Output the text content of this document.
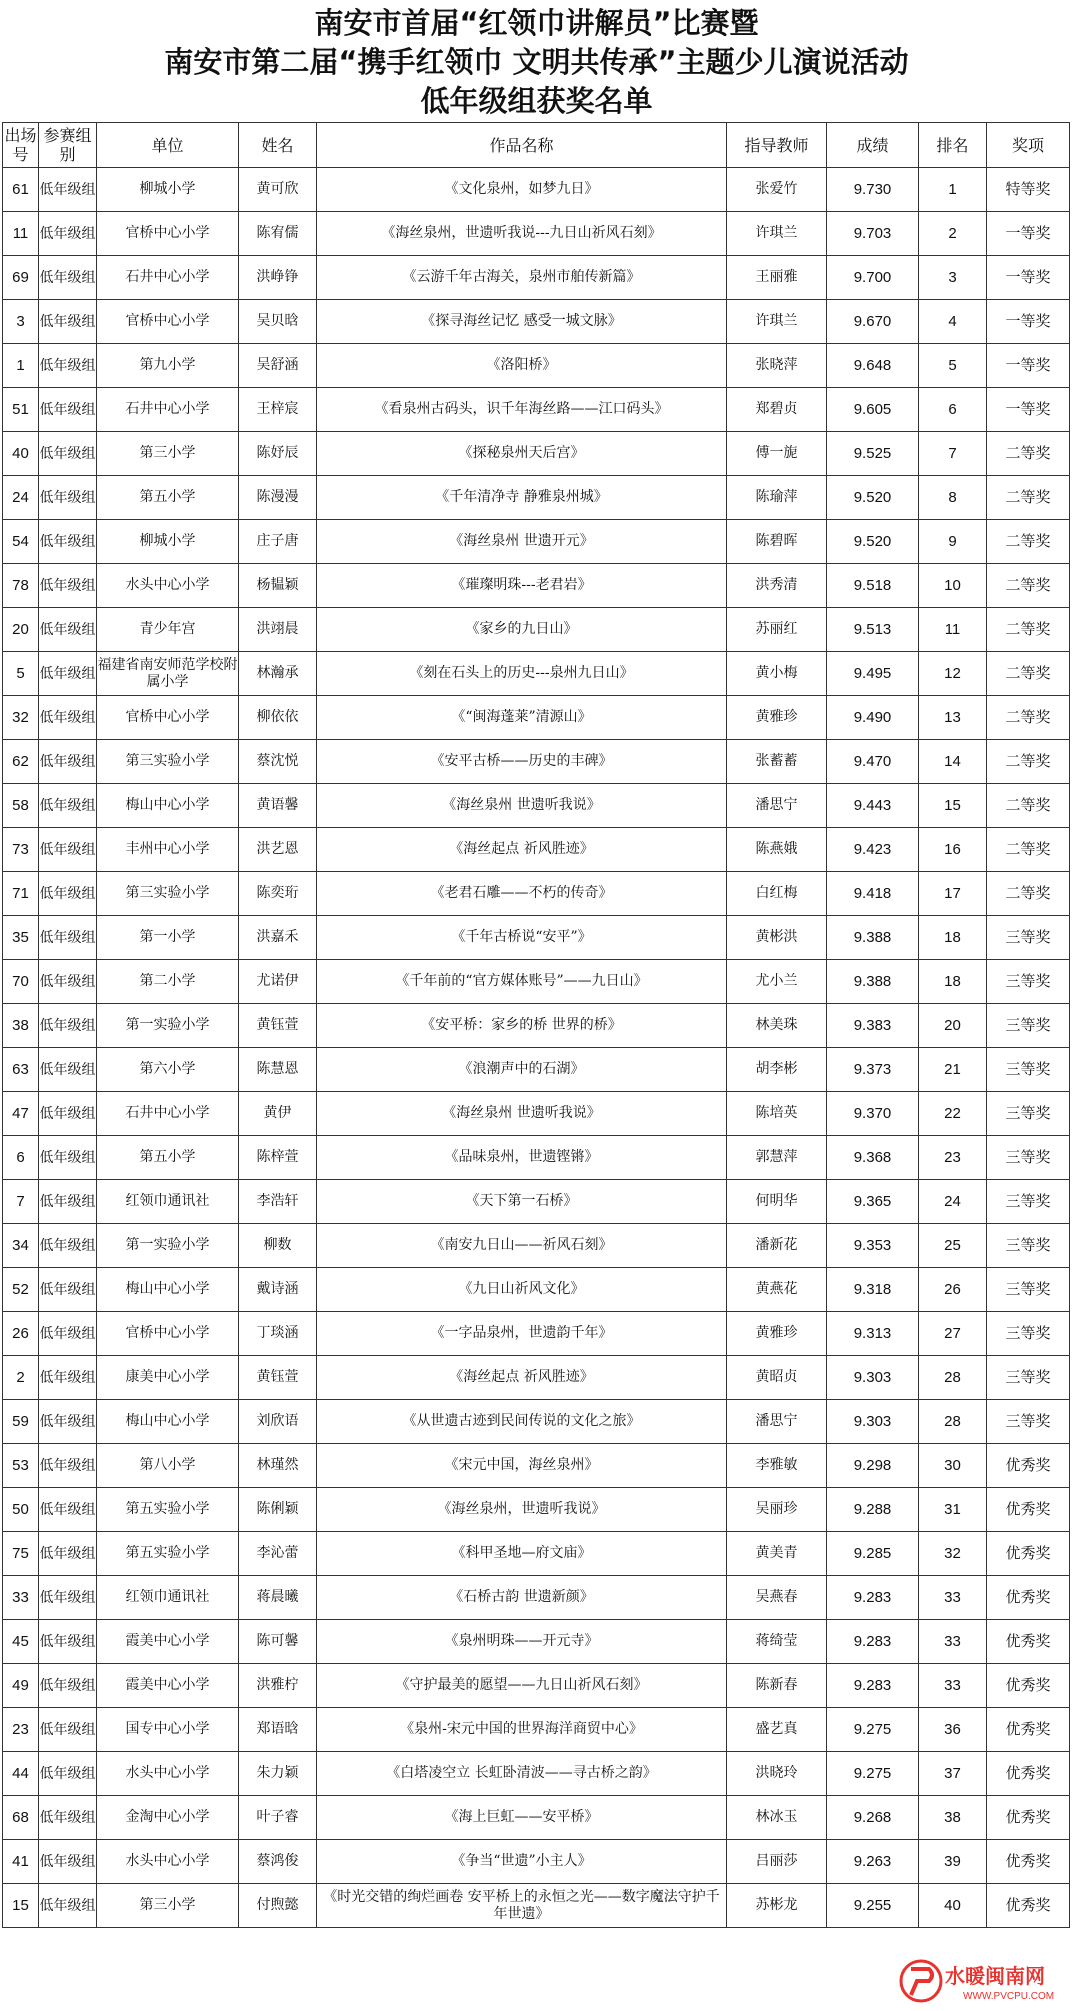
南安市首届“红领巾讲解员”比赛暨
南安市第二届“携手红领巾 文明共传承”主题少儿演说活动
低年级组获奖名单
出场号	参赛组别	单位	姓名	作品名称	指导教师	成绩	排名	奖项
61	低年级组	柳城小学	黄可欣	《文化泉州，如梦九日》	张爱竹	9.730	1	特等奖
11	低年级组	官桥中心小学	陈宥儒	《海丝泉州，世遗听我说---九日山祈风石刻》	许琪兰	9.703	2	一等奖
69	低年级组	石井中心小学	洪峥铮	《云游千年古海关，泉州市舶传新篇》	王丽雅	9.700	3	一等奖
3	低年级组	官桥中心小学	吴贝晗	《探寻海丝记忆 感受一城文脉》	许琪兰	9.670	4	一等奖
1	低年级组	第九小学	吴舒涵	《洛阳桥》	张晓萍	9.648	5	一等奖
51	低年级组	石井中心小学	王梓宸	《看泉州古码头，识千年海丝路——江口码头》	郑碧贞	9.605	6	一等奖
40	低年级组	第三小学	陈妤辰	《探秘泉州天后宫》	傅一旎	9.525	7	二等奖
24	低年级组	第五小学	陈漫漫	《千年清净寺 静雅泉州城》	陈瑜萍	9.520	8	二等奖
54	低年级组	柳城小学	庄子唐	《海丝泉州 世遗开元》	陈碧晖	9.520	9	二等奖
78	低年级组	水头中心小学	杨韫颖	《璀璨明珠---老君岩》	洪秀清	9.518	10	二等奖
20	低年级组	青少年宫	洪翊晨	《家乡的九日山》	苏丽红	9.513	11	二等奖
5	低年级组	福建省南安师范学校附属小学	林瀚承	《刻在石头上的历史---泉州九日山》	黄小梅	9.495	12	二等奖
32	低年级组	官桥中心小学	柳依依	《“闽海蓬莱”清源山》	黄雅珍	9.490	13	二等奖
62	低年级组	第三实验小学	蔡沈悦	《安平古桥——历史的丰碑》	张蓄蓄	9.470	14	二等奖
58	低年级组	梅山中心小学	黄语馨	《海丝泉州 世遗听我说》	潘思宁	9.443	15	二等奖
73	低年级组	丰州中心小学	洪艺恩	《海丝起点 祈风胜迹》	陈燕娥	9.423	16	二等奖
71	低年级组	第三实验小学	陈奕珩	《老君石雕——不朽的传奇》	白红梅	9.418	17	二等奖
35	低年级组	第一小学	洪嘉禾	《千年古桥说“安平”》	黄彬洪	9.388	18	三等奖
70	低年级组	第二小学	尤诺伊	《千年前的“官方媒体账号”——九日山》	尤小兰	9.388	18	三等奖
38	低年级组	第一实验小学	黄钰萱	《安平桥：家乡的桥 世界的桥》	林美珠	9.383	20	三等奖
63	低年级组	第六小学	陈慧恩	《浪潮声中的石湖》	胡李彬	9.373	21	三等奖
47	低年级组	石井中心小学	黄伊	《海丝泉州 世遗听我说》	陈培英	9.370	22	三等奖
6	低年级组	第五小学	陈梓萱	《品味泉州，世遗铿锵》	郭慧萍	9.368	23	三等奖
7	低年级组	红领巾通讯社	李浩轩	《天下第一石桥》	何明华	9.365	24	三等奖
34	低年级组	第一实验小学	柳数	《南安九日山——祈风石刻》	潘新花	9.353	25	三等奖
52	低年级组	梅山中心小学	戴诗涵	《九日山祈风文化》	黄燕花	9.318	26	三等奖
26	低年级组	官桥中心小学	丁琰涵	《一字品泉州，世遗韵千年》	黄雅珍	9.313	27	三等奖
2	低年级组	康美中心小学	黄钰萱	《海丝起点 祈风胜迹》	黄昭贞	9.303	28	三等奖
59	低年级组	梅山中心小学	刘欣语	《从世遗古迹到民间传说的文化之旅》	潘思宁	9.303	28	三等奖
53	低年级组	第八小学	林瑾然	《宋元中国，海丝泉州》	李雅敏	9.298	30	优秀奖
50	低年级组	第五实验小学	陈俐颖	《海丝泉州，世遗听我说》	吴丽珍	9.288	31	优秀奖
75	低年级组	第五实验小学	李沁蕾	《科甲圣地—府文庙》	黄美青	9.285	32	优秀奖
33	低年级组	红领巾通讯社	蒋晨曦	《石桥古韵 世遗新颜》	吴燕春	9.283	33	优秀奖
45	低年级组	霞美中心小学	陈可馨	《泉州明珠——开元寺》	蒋绮莹	9.283	33	优秀奖
49	低年级组	霞美中心小学	洪雅柠	《守护最美的愿望——九日山祈风石刻》	陈新春	9.283	33	优秀奖
23	低年级组	国专中心小学	郑语晗	《泉州-宋元中国的世界海洋商贸中心》	盛艺真	9.275	36	优秀奖
44	低年级组	水头中心小学	朱力颖	《白塔凌空立 长虹卧清波——寻古桥之韵》	洪晓玲	9.275	37	优秀奖
68	低年级组	金淘中心小学	叶子睿	《海上巨虹——安平桥》	林冰玉	9.268	38	优秀奖
41	低年级组	水头中心小学	蔡鸿俊	《争当“世遗”小主人》	吕丽莎	9.263	39	优秀奖
15	低年级组	第三小学	付煦懿	《时光交错的绚烂画卷 安平桥上的永恒之光——数字魔法守护千年世遗》	苏彬龙	9.255	40	优秀奖
水暖闽南网
WWW.PVCPU.COM
